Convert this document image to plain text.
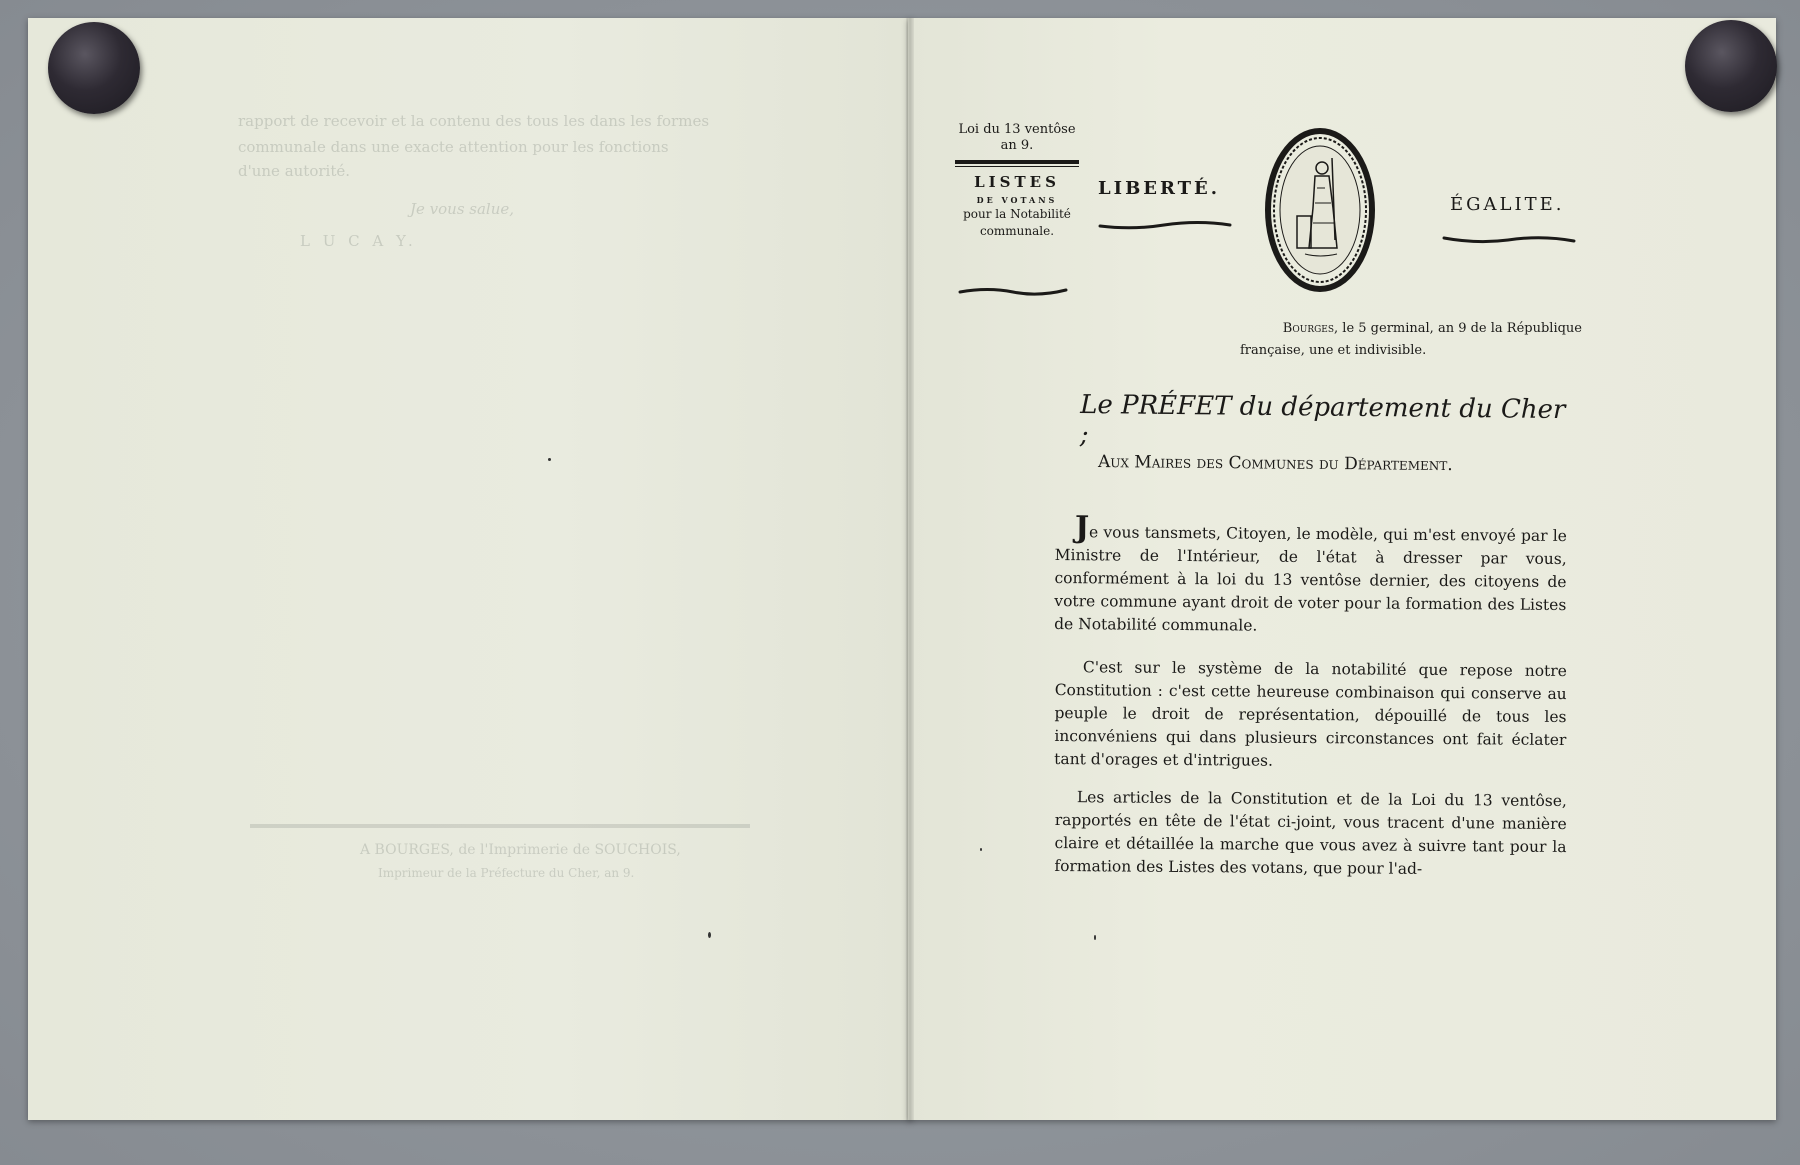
rapport de recevoir et la contenu des tous les dans les formes
communale dans une exacte attention pour les fonctions
d'une autorité.
Je vous salue,
L U C A Y.
A BOURGES, de l'Imprimerie de SOUCHOIS,
Imprimeur de la Préfecture du Cher, an 9.
Loi du 13 ventôse
an 9.
LISTES
DE VOTANS
pour la Notabilité
communale.
LIBERTÉ.
ÉGALITE.
Bourges, le 5 germinal, an 9 de la République
française, une et indivisible.
Le PRÉFET du département du Cher ;
Aux Maires des Communes du Département.
Je vous tansmets, Citoyen, le modèle, qui m'est envoyé par le Ministre de l'Intérieur, de l'état à dresser par vous, conformément à la loi du 13 ventôse dernier, des citoyens de votre commune ayant droit de voter pour la formation des Listes de Notabilité communale.
C'est sur le système de la notabilité que repose notre Constitution : c'est cette heureuse combinaison qui conserve au peuple le droit de représentation, dépouillé de tous les inconvéniens qui dans plusieurs circonstances ont fait éclater tant d'orages et d'intrigues.
Les articles de la Constitution et de la Loi du 13 ventôse, rapportés en tête de l'état ci-joint, vous tracent d'une manière claire et détaillée la marche que vous avez à suivre tant pour la formation des Listes des votans, que pour l'ad-
